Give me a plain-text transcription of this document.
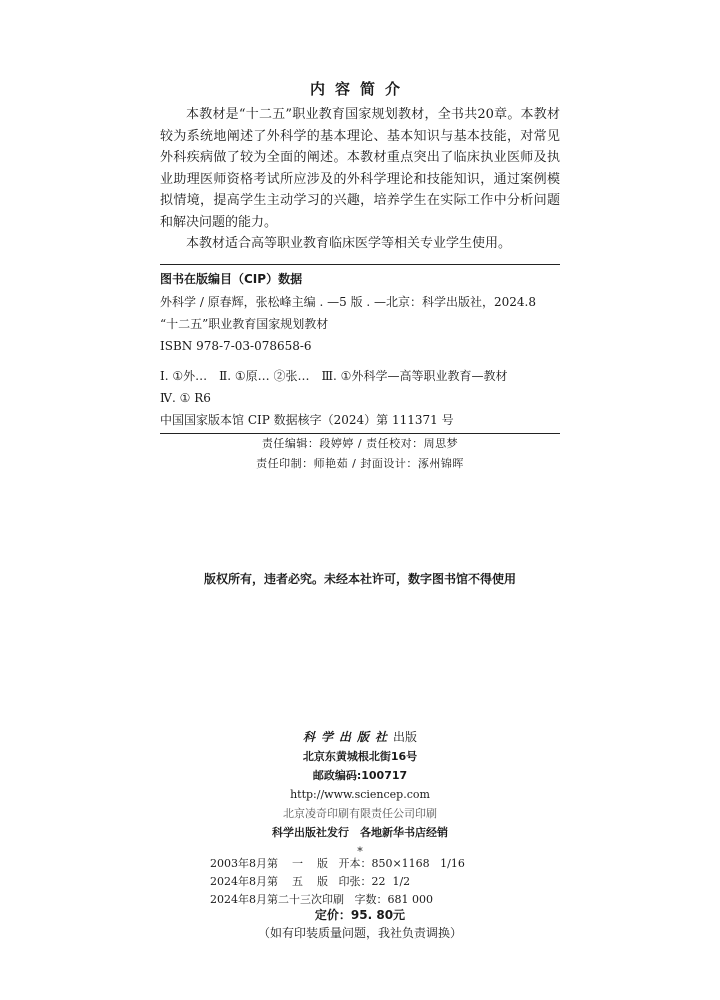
内容简介

本教材是“十二五”职业教育国家规划教材，全书共20章。本教材较为系统地阐述了外科学的基本理论、基本知识与基本技能，对常见外科疾病做了较为全面的阐述。本教材重点突出了临床执业医师及执业助理医师资格考试所应涉及的外科学理论和技能知识，通过案例模拟情境，提高学生主动学习的兴趣，培养学生在实际工作中分析问题和解决问题的能力。

本教材适合高等职业教育临床医学等相关专业学生使用。

图书在版编目（CIP）数据
外科学 / 原春辉，张松峰主编 . —5 版 . —北京：科学出版社，2024.8
“十二五”职业教育国家规划教材
ISBN 978-7-03-078658-6
Ⅰ. ①外…　Ⅱ. ①原… ②张…　Ⅲ. ①外科学—高等职业教育—教材
Ⅳ. ① R6
中国国家版本馆 CIP 数据核字（2024）第 111371 号
责任编辑：段婷婷 / 责任校对：周思梦
责任印制：师艳茹 / 封面设计：涿州锦晖
版权所有，违者必究。未经本社许可，数字图书馆不得使用
科学出版社出版
北京东黄城根北街16号
邮政编码:100717
http://www.sciencep.com
北京凌奇印刷有限责任公司印刷
科学出版社发行　各地新华书店经销
*
2003年8月第    一    版   开本：850×1168   1/16
2024年8月第    五    版   印张：22  1/2
2024年8月第二十三次印刷   字数：681 000
定价：95. 80元
（如有印装质量问题，我社负责调换）
